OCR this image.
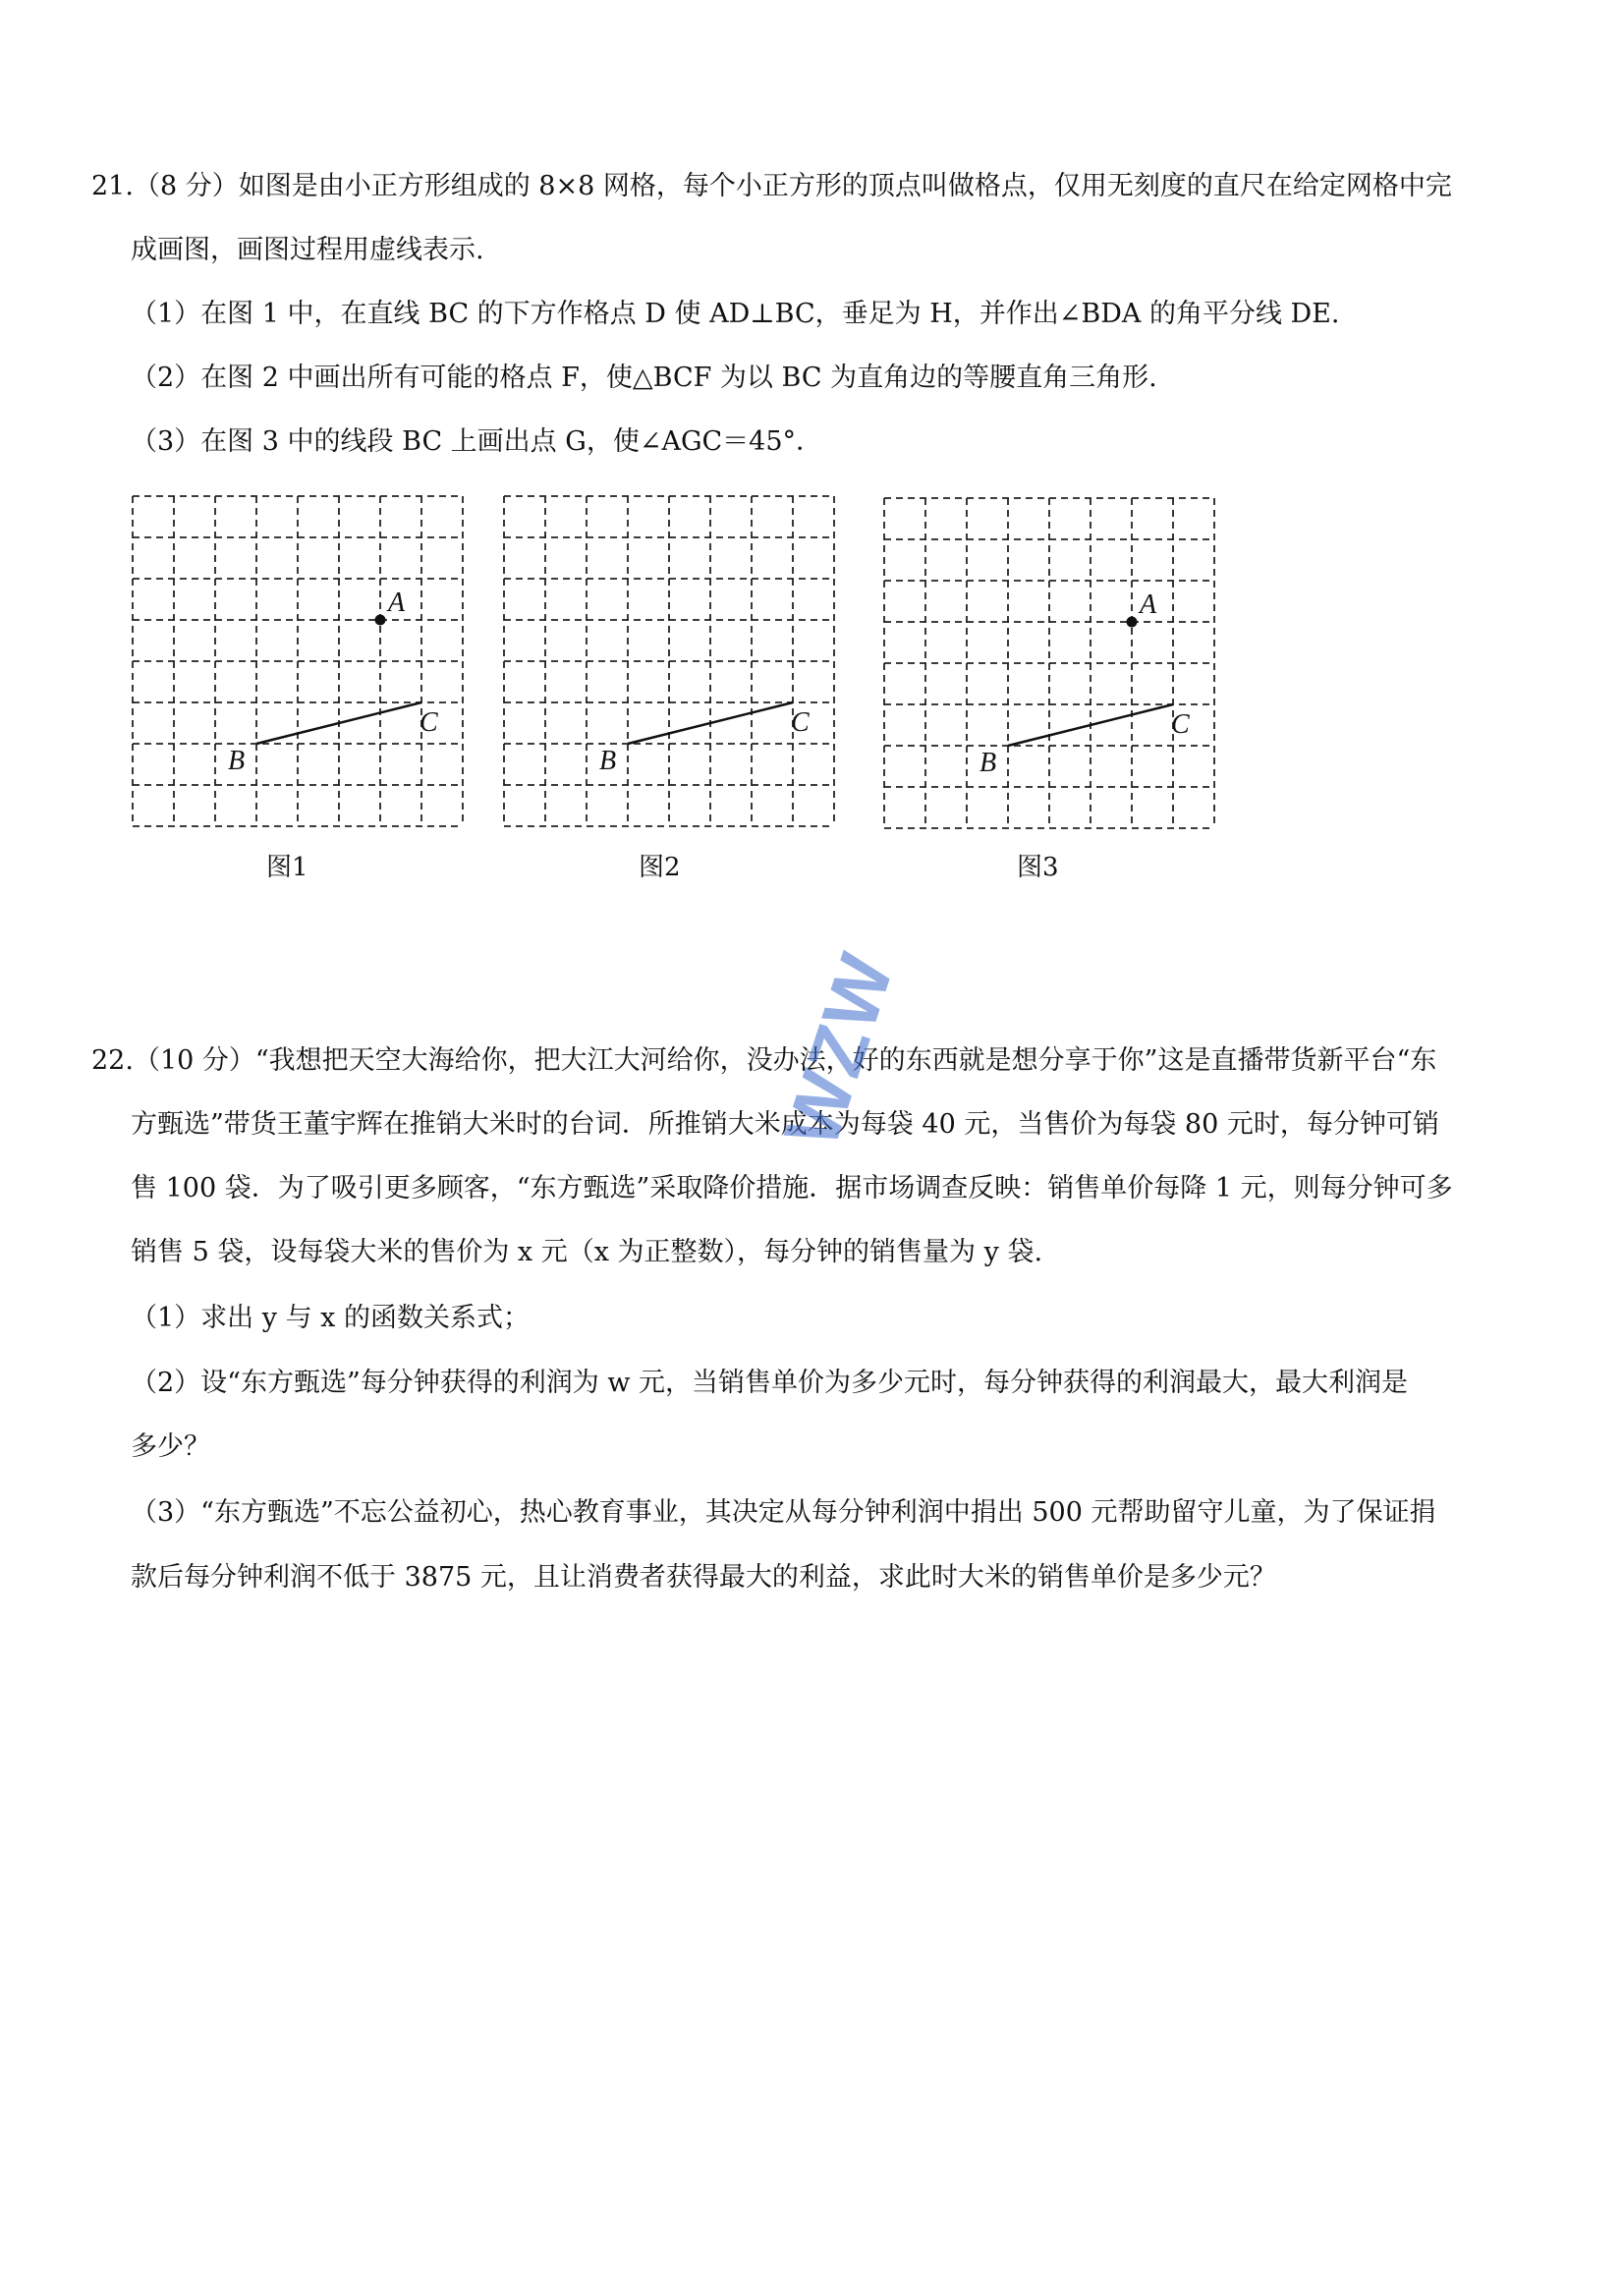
21.（8 分）如图是由小正方形组成的 8×8 网格，每个小正方形的顶点叫做格点，仅用无刻度的直尺在给定网格中完
成画图，画图过程用虚线表示.
（1）在图 1 中，在直线 BC 的下方作格点 D 使 AD⊥BC，垂足为 H，并作出∠BDA 的角平分线 DE.
（2）在图 2 中画出所有可能的格点 F，使△BCF 为以 BC 为直角边的等腰直角三角形.
（3）在图 3 中的线段 BC 上画出点 G，使∠AGC＝45°．
A
B
C
图1
B
C
图2
A
B
C
图3
22.（10 分）“我想把天空大海给你，把大江大河给你，没办法，好的东西就是想分享于你”这是直播带货新平台“东
方甄选”带货王董宇辉在推销大米时的台词．所推销大米成本为每袋 40 元，当售价为每袋 80 元时，每分钟可销
售 100 袋．为了吸引更多顾客，“东方甄选”采取降价措施．据市场调查反映：销售单价每降 1 元，则每分钟可多
销售 5 袋，设每袋大米的售价为 x 元（x 为正整数），每分钟的销售量为 y 袋.
（1）求出 y 与 x 的函数关系式；
（2）设“东方甄选”每分钟获得的利润为 w 元，当销售单价为多少元时，每分钟获得的利润最大，最大利润是
多少？
（3）“东方甄选”不忘公益初心，热心教育事业，其决定从每分钟利润中捐出 500 元帮助留守儿童，为了保证捐
款后每分钟利润不低于 3875 元，且让消费者获得最大的利益，求此时大米的销售单价是多少元？
WZW
